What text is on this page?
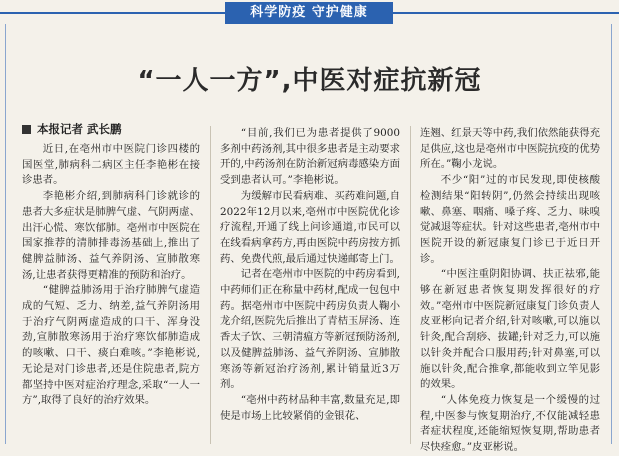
科学防疫 守护健康
“一人一方”,中医对症抗新冠
本报记者 武长鹏

近日,在亳州市中医院门诊四楼的国医堂,肺病科二病区主任李艳彬在接诊患者。

李艳彬介绍,到肺病科门诊就诊的患者大多症状是肺脾气虚、气阴两虚、出汗心慌、寒饮郁肺。亳州市中医院在国家推荐的清肺排毒汤基础上,推出了健脾益肺汤、益气养阴汤、宣肺散寒汤,让患者获得更精准的预防和治疗。

“健脾益肺汤用于治疗肺脾气虚造成的气短、乏力、纳差,益气养阴汤用于治疗气阴两虚造成的口干、浑身没劲,宣肺散寒汤用于治疗寒饮郁肺造成的咳嗽、口干、痰白难咳。”李艳彬说,无论是对门诊患者,还是住院患者,院方都坚持中医对症治疗理念,采取“一人一方”,取得了良好的治疗效果。

“目前,我们已为患者提供了9000多剂中药汤剂,其中很多患者是主动要求开的,中药汤剂在防治新冠病毒感染方面受到患者认可。”李艳彬说。

为缓解市民看病难、买药难问题,自2022年12月以来,亳州市中医院优化诊疗流程,开通了线上问诊通道,市民可以在线看病拿药方,再由医院中药房按方抓药、免费代煎,最后通过快递邮寄上门。

记者在亳州市中医院的中药房看到,中药师们正在称量中药材,配成一包包中药。据亳州市中医院中药房负责人鞠小龙介绍,医院先后推出了青桔玉屏汤、连香太子饮、三朝清瘟方等新冠预防汤剂,以及健脾益肺汤、益气养阴汤、宣肺散寒汤等新冠治疗汤剂,累计销量近3万剂。

“亳州中药材品种丰富,数量充足,即使是市场上比较紧俏的金银花、

连翘、红景天等中药,我们依然能获得充足供应,这也是亳州市中医院抗疫的优势所在。”鞠小龙说。

不少“阳”过的市民发现,即使核酸检测结果“阳转阴”,仍然会持续出现咳嗽、鼻塞、咽痛、嗓子疼、乏力、味嗅觉减退等症状。针对这些患者,亳州市中医院开设的新冠康复门诊已于近日开诊。

“中医注重阴阳协调、扶正祛邪,能够在新冠患者恢复期发挥很好的疗效。”亳州市中医院新冠康复门诊负责人皮亚彬向记者介绍,针对咳嗽,可以施以针灸,配合刮痧、拔罐;针对乏力,可以施以针灸并配合口服用药;针对鼻塞,可以施以针灸,配合推拿,都能收到立竿见影的效果。

“人体免疫力恢复是一个缓慢的过程,中医参与恢复期治疗,不仅能减轻患者症状程度,还能缩短恢复期,帮助患者尽快痊愈。”皮亚彬说。
